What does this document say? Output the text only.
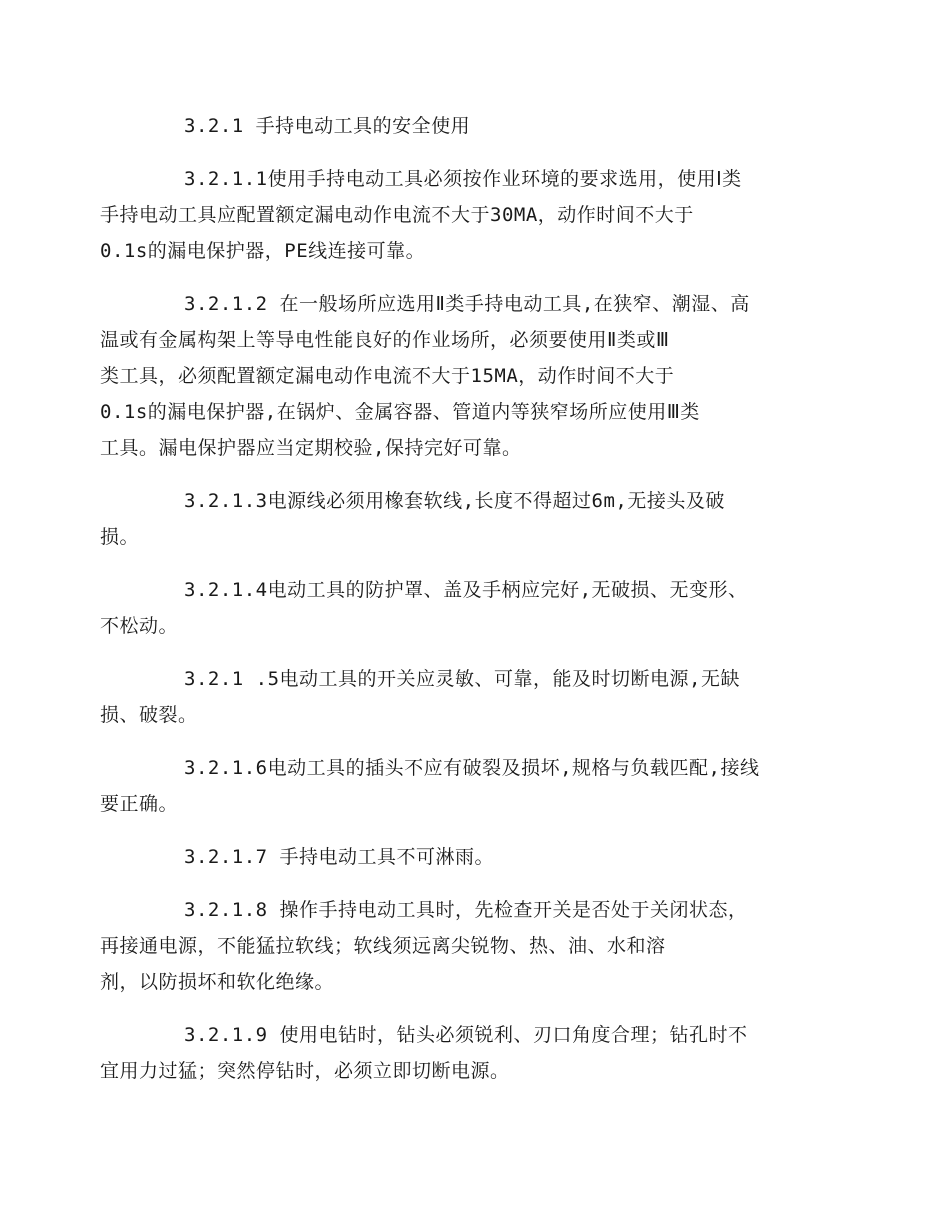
3.2.1 手持电动工具的安全使用

3.2.1.1使用手持电动工具必须按作业环境的要求选用，使用Ⅰ类
手持电动工具应配置额定漏电动作电流不大于30MA，动作时间不大于
0.1s的漏电保护器，PE线连接可靠。

3.2.1.2 在一般场所应选用Ⅱ类手持电动工具,在狭窄、潮湿、高
温或有金属构架上等导电性能良好的作业场所，必须要使用Ⅱ类或Ⅲ
类工具，必须配置额定漏电动作电流不大于15MA，动作时间不大于
0.1s的漏电保护器,在锅炉、金属容器、管道内等狭窄场所应使用Ⅲ类
工具。漏电保护器应当定期校验,保持完好可靠。

3.2.1.3电源线必须用橡套软线,长度不得超过6m,无接头及破
损。

3.2.1.4电动工具的防护罩、盖及手柄应完好,无破损、无变形、
不松动。

3.2.1 .5电动工具的开关应灵敏、可靠，能及时切断电源,无缺
损、破裂。

3.2.1.6电动工具的插头不应有破裂及损坏,规格与负载匹配,接线
要正确。

3.2.1.7 手持电动工具不可淋雨。

3.2.1.8 操作手持电动工具时，先检查开关是否处于关闭状态，
再接通电源，不能猛拉软线；软线须远离尖锐物、热、油、水和溶
剂，以防损坏和软化绝缘。

3.2.1.9 使用电钻时，钻头必须锐利、刃口角度合理；钻孔时不
宜用力过猛；突然停钻时，必须立即切断电源。
